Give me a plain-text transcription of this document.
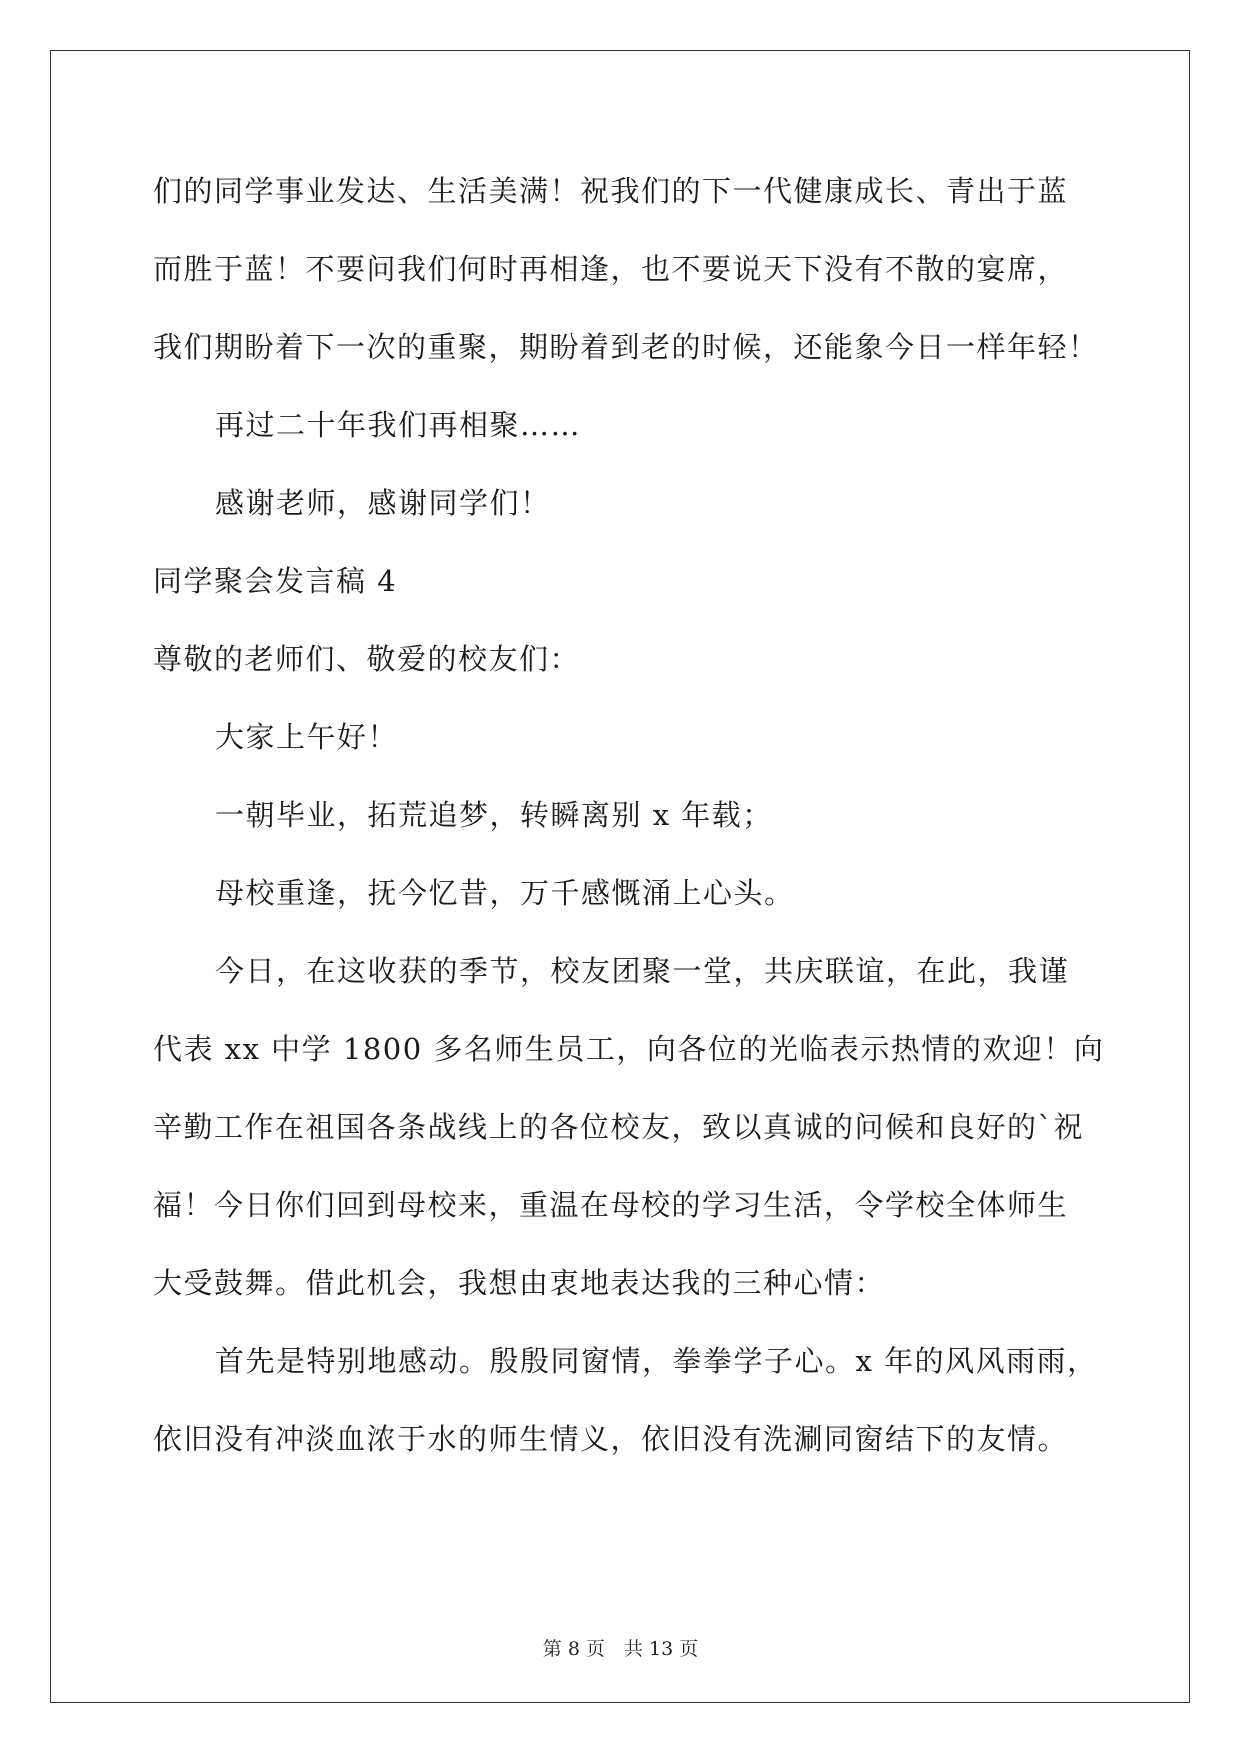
们的同学事业发达、生活美满！祝我们的下一代健康成长、青出于蓝
而胜于蓝！不要问我们何时再相逢，也不要说天下没有不散的宴席，
我们期盼着下一次的重聚，期盼着到老的时候，还能象今日一样年轻！
再过二十年我们再相聚……
感谢老师，感谢同学们！
同学聚会发言稿 4
尊敬的老师们、敬爱的校友们：
大家上午好！
一朝毕业，拓荒追梦，转瞬离别 x 年载；
母校重逢，抚今忆昔，万千感慨涌上心头。
今日，在这收获的季节，校友团聚一堂，共庆联谊，在此，我谨
代表 xx 中学 1800 多名师生员工，向各位的光临表示热情的欢迎！向
辛勤工作在祖国各条战线上的各位校友，致以真诚的问候和良好的`祝
福！今日你们回到母校来，重温在母校的学习生活，令学校全体师生
大受鼓舞。借此机会，我想由衷地表达我的三种心情：
首先是特别地感动。殷殷同窗情，拳拳学子心。x 年的风风雨雨，
依旧没有冲淡血浓于水的师生情义，依旧没有洗涮同窗结下的友情。
第 8 页　共 13 页
